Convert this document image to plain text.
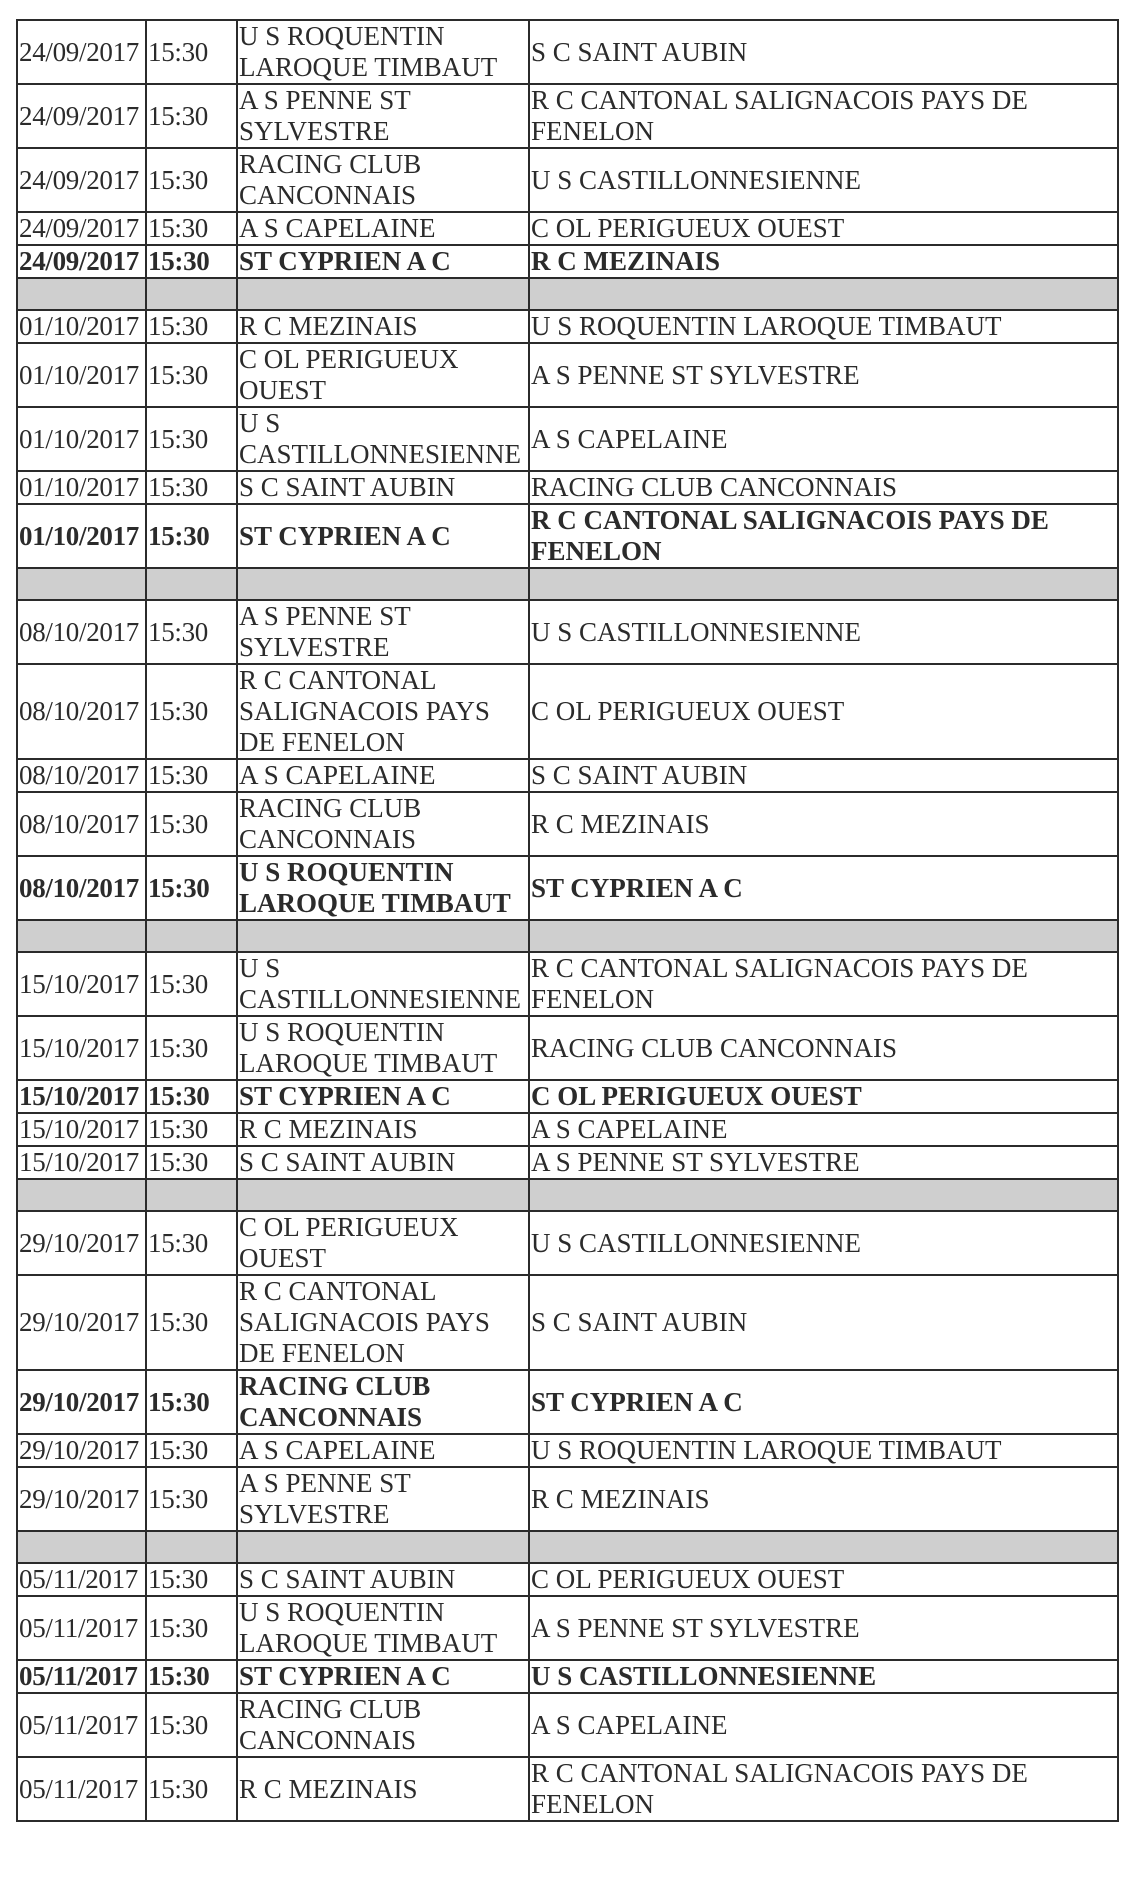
24/09/2017	15:30	U S ROQUENTIN LAROQUE TIMBAUT	S C SAINT AUBIN
24/09/2017	15:30	A S PENNE ST SYLVESTRE	R C CANTONAL SALIGNACOIS PAYS DE FENELON
24/09/2017	15:30	RACING CLUB CANCONNAIS	U S CASTILLONNESIENNE
24/09/2017	15:30	A S CAPELAINE	C OL PERIGUEUX OUEST
24/09/2017	15:30	ST CYPRIEN A C	R C MEZINAIS

01/10/2017	15:30	R C MEZINAIS	U S ROQUENTIN LAROQUE TIMBAUT
01/10/2017	15:30	C OL PERIGUEUX OUEST	A S PENNE ST SYLVESTRE
01/10/2017	15:30	U S CASTILLONNESIENNE	A S CAPELAINE
01/10/2017	15:30	S C SAINT AUBIN	RACING CLUB CANCONNAIS
01/10/2017	15:30	ST CYPRIEN A C	R C CANTONAL SALIGNACOIS PAYS DE FENELON

08/10/2017	15:30	A S PENNE ST SYLVESTRE	U S CASTILLONNESIENNE
08/10/2017	15:30	R C CANTONAL SALIGNACOIS PAYS DE FENELON	C OL PERIGUEUX OUEST
08/10/2017	15:30	A S CAPELAINE	S C SAINT AUBIN
08/10/2017	15:30	RACING CLUB CANCONNAIS	R C MEZINAIS
08/10/2017	15:30	U S ROQUENTIN LAROQUE TIMBAUT	ST CYPRIEN A C

15/10/2017	15:30	U S CASTILLONNESIENNE	R C CANTONAL SALIGNACOIS PAYS DE FENELON
15/10/2017	15:30	U S ROQUENTIN LAROQUE TIMBAUT	RACING CLUB CANCONNAIS
15/10/2017	15:30	ST CYPRIEN A C	C OL PERIGUEUX OUEST
15/10/2017	15:30	R C MEZINAIS	A S CAPELAINE
15/10/2017	15:30	S C SAINT AUBIN	A S PENNE ST SYLVESTRE

29/10/2017	15:30	C OL PERIGUEUX OUEST	U S CASTILLONNESIENNE
29/10/2017	15:30	R C CANTONAL SALIGNACOIS PAYS DE FENELON	S C SAINT AUBIN
29/10/2017	15:30	RACING CLUB CANCONNAIS	ST CYPRIEN A C
29/10/2017	15:30	A S CAPELAINE	U S ROQUENTIN LAROQUE TIMBAUT
29/10/2017	15:30	A S PENNE ST SYLVESTRE	R C MEZINAIS

05/11/2017	15:30	S C SAINT AUBIN	C OL PERIGUEUX OUEST
05/11/2017	15:30	U S ROQUENTIN LAROQUE TIMBAUT	A S PENNE ST SYLVESTRE
05/11/2017	15:30	ST CYPRIEN A C	U S CASTILLONNESIENNE
05/11/2017	15:30	RACING CLUB CANCONNAIS	A S CAPELAINE
05/11/2017	15:30	R C MEZINAIS	R C CANTONAL SALIGNACOIS PAYS DE FENELON
